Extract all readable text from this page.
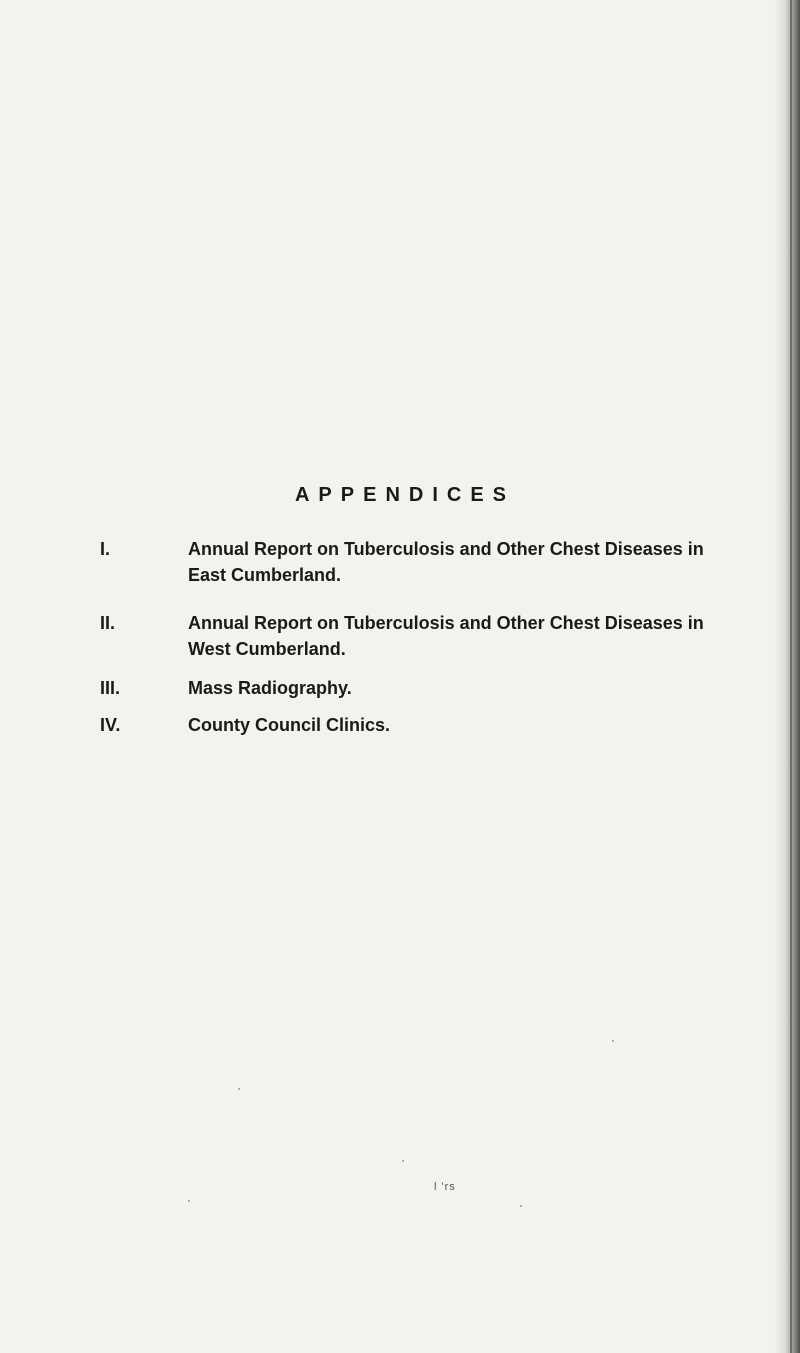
APPENDICES
I.	Annual Report on Tuberculosis and Other Chest Diseases in
East Cumberland.
II.	Annual Report on Tuberculosis and Other Chest Diseases in
West Cumberland.
III.	Mass Radiography.
IV.	County Council Clinics.
l 'rs
